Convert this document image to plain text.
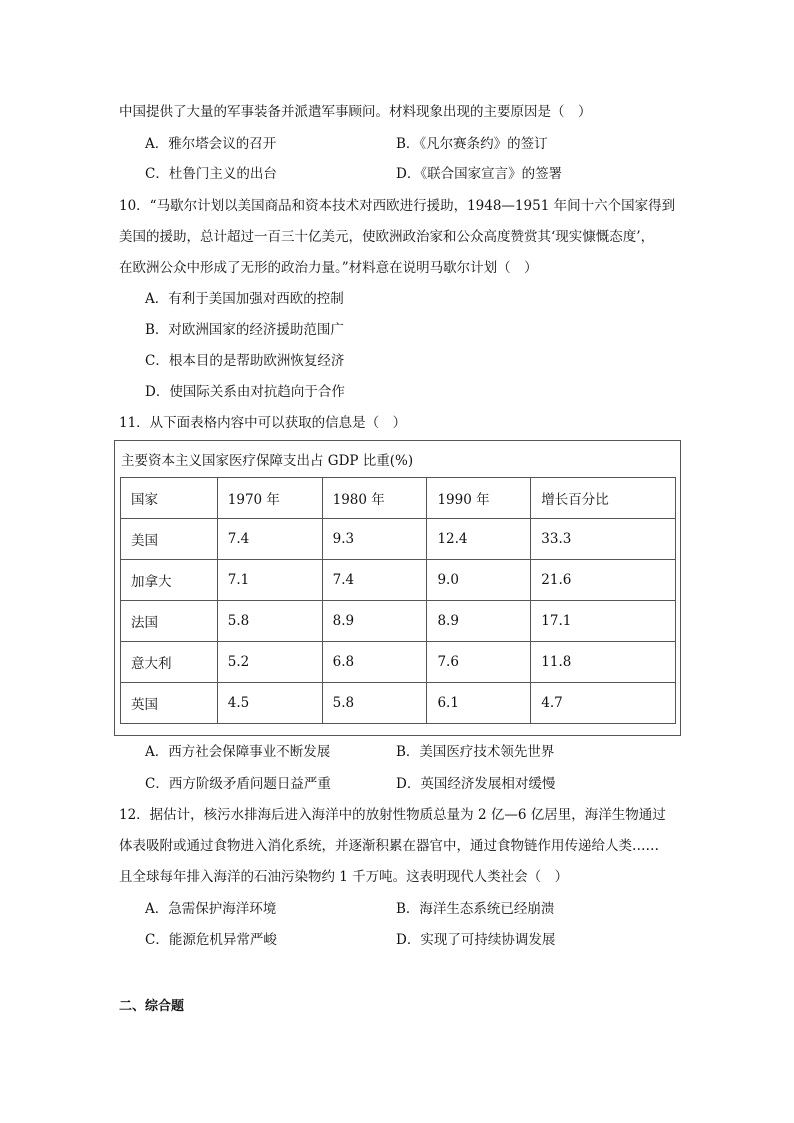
中国提供了大量的军事装备并派遣军事顾问。材料现象出现的主要原因是（　）
A．雅尔塔会议的召开	B．《凡尔赛条约》的签订
C．杜鲁门主义的出台	D．《联合国家宣言》的签署
10．“马歇尔计划以美国商品和资本技术对西欧进行援助，1948—1951 年间十六个国家得到
美国的援助，总计超过一百三十亿美元，使欧洲政治家和公众高度赞赏其‘现实慷慨态度’，
在欧洲公众中形成了无形的政治力量。”材料意在说明马歇尔计划（　）
A．有利于美国加强对西欧的控制
B．对欧洲国家的经济援助范围广
C．根本目的是帮助欧洲恢复经济
D．使国际关系由对抗趋向于合作
11．从下面表格内容中可以获取的信息是（　）
主要资本主义国家医疗保障支出占 GDP 比重(%)
国家	1970 年	1980 年	1990 年	增长百分比
美国	7.4	9.3	12.4	33.3
加拿大	7.1	7.4	9.0	21.6
法国	5.8	8.9	8.9	17.1
意大利	5.2	6.8	7.6	11.8
英国	4.5	5.8	6.1	4.7
A．西方社会保障事业不断发展	B．美国医疗技术领先世界
C．西方阶级矛盾问题日益严重	D．英国经济发展相对缓慢
12．据估计，核污水排海后进入海洋中的放射性物质总量为 2 亿—6 亿居里，海洋生物通过
体表吸附或通过食物进入消化系统，并逐渐积累在器官中，通过食物链作用传递给人类……
且全球每年排入海洋的石油污染物约 1 千万吨。这表明现代人类社会（　）
A．急需保护海洋环境	B．海洋生态系统已经崩溃
C．能源危机异常严峻	D．实现了可持续协调发展
二、综合题
